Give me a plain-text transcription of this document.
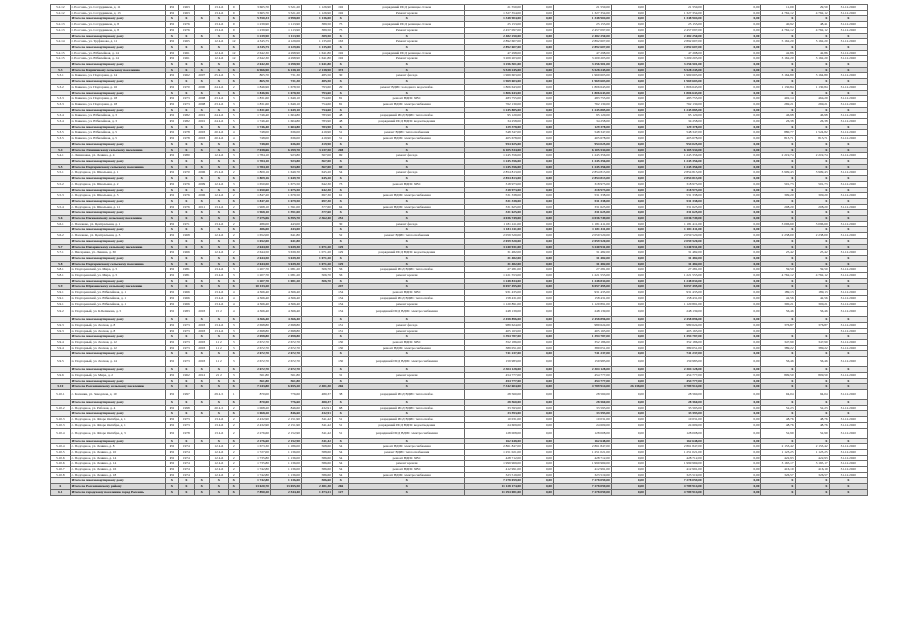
5.2.12	г. Россошь, ул. Сотрудников, д. 11	РО	1963		13 4-6	9	3 665,70	3 521,20	1 126,90	192	разрядиний ИСД резинцее стоков	21 550,00	0,00	21 550,00	0,00	21 550,00	0,00	11,09	29,50	31.12.2020
5.2.12	г. Россошь, ул. Сотрудников, д. 13	РО	1963		13 4-6	9	3 665,70	3 521,20	1 126,90	192	Ремонт кровли	1 327 354,00	0,00	1 327 354,00	0,00	1 327 354,00	0,00	4 762,12	4 762,12	31.12.2020
	Итого по многоквартирному дому	X	X	X	X	X	5 550,33	4 998,00	1 136,00	X	X	1 348 904,00	0,00	1 348 904,00	0,00	1 348 904,00	0,00	X	X	X
5.2.13	г. Россошь, ул. Сотрудников, д. 8	РО	1976		13 4-6	9	1 239,90	1 113,90	389,50	75	разрядиний ИСД резинцее стоков	25 153,00	0,00	25 153,00	0,00	25 153,00	0,00	40,92	48,41	31.12.2020
5.2.13	г. Россошь, ул. Сотрудников, д. 8	РО	1976		13 4-6	9	1 239,90	1 113,90	389,50	75	Ремонт кровли	2 457 097,00	0,00	2 457 097,00	0,00	2 457 097,00	0,00	4 762,12	4 762,12	31.12.2020
	Итого по многоквартирному дому	X	X	X	X	X	1 239,90	1 113,90	389,50	X	X	2 482 250,00	0,00	2 482 250,00	0,00	2 482 250,00	0,00	X	X	X
5.2.14	г. Россошь, ул. Труфанова, д. 11	РО	1965		12 4-6	12	4 345,75	4 129,06	1 135,00	163	Ремонт кровли	2 892 607,00	0,00	2 892 607,00	0,00	2 892 607,00	0,00	5 162,20	5 162,20	31.12.2020
	Итого по многоквартирному дому	X	X	X	X	X	4 345,75	4 129,06	1 135,00	X	X	2 892 607,00	0,00	2 892 607,00	0,00	2 892 607,00	0,00	X	X	X
5.2.15	г. Россошь, ул. Юбилейная, д. 14	РО	1961		12 4-6	12	2 642,30	4 298,90	1 641,80	192	разрядиний ИСД резинцее стоков	47 298,00	0,00	47 298,00	0,00	47 298,00	0,00	42,86	42,86	31.12.2020
5.2.15	г. Россошь, ул. Юбилейная, д. 14	РО	1961		12 4-6	12	2 642,30	4 298,90	1 641,80	192	Ремонт кровли	3 209 203,00	0,00	3 209 203,00	0,00	3 209 203,00	0,00	3 162,20	3 162,20	31.12.2020
	Итого по многоквартирному дому	X	X	X	X	X	2 642,30	4 298,90	1 641,80	X	X	3 256 501,00	0,00	3 256 501,00	0,00	3 256 501,00	0,00	X	X	X
5.3	Итого по Кирпичному сельскому поселению	X	X	X	X	X	6 966,90	6 138,10	2 138,90	373	X	5 528 245,00	0,00	5 528 245,00	0,00	5 528 245,00	0,00	X	X	X
5.3.1	п. Бавково, ул. Подгорная, д. 14	РО	1962	2007	25 4-6	5	865,70	731,30	485,50	30	ремонт фасада	1 969 603,00	0,00	1 969 603,00	0,00	1 969 603,00	0,00	3 164,89	3 164,89	31.12.2020
	Итого по многоквартирному дому	X	X	X	X	X	865,70	731,30	485,50	X	X	1 969 603,00	0,00	1 969 603,00	0,00	1 969 603,00	0,00	X	X	X
5.3.2	п. Бавково, ул. Подгорная, д. 16	РО	1970	2000	24 4-6	2	1 846,96	1 678,50	793,60	29	ремонт ВДИС холодного водоснабж.	1 806 643,00	0,00	1 806 643,00	0,00	1 806 643,00	0,00	1 130,84	1 130,84	31.12.2020
	Итого по многоквартирному дому	X	X	X	X	X	1 846,96	1 678,50	793,60	X	X	1 806 643,00	0,00	1 806 643,00	0,00	1 806 643,00	0,00	X	X	X
5.3.3	п. Бавково, ул. Подгорная, д. 18	РО	1973	2008	23 4-6	3	1 831,60	1 649,10	754,60	81	ремонт ВДИС ХВС	483 755,00	0,00	483 755,00	0,00	483 755,00	0,00	402,14	464,29	31.12.2020
5.3.3	п. Бавково, ул. Подгорная, д. 18	РО	1973	2008	23 4-6	3	1 831,60	1 649,10	754,60	81	ремонт ВДИС электроснабжения	762 130,00	0,00	762 130,00	0,00	762 130,00	0,00	269,21	269,21	31.12.2020
	Итого по многоквартирному дому	X	X	X	X	X	1 831,60	1 649,10	754,60	X	X	1 245 885,00	0,00	1 245 885,00	0,00	1 245 885,00	0,00	X	X	X
5.3.4	п. Бавково, ул. Юбилейная, д. 3	РО	1982	2001	24 4-6	5	1 746,40	1 604,80	783,90	48	разрядиний ИСД ВДИС теплоснабж.	95 120,00	0,00	95 120,00	0,00	95 120,00	0,00	46,98	46,98	31.12.2020
5.3.4	п. Бавково, ул. Юбилейная, д. 3	РО	1982	2001	24 4-6	5	1 746,40	1 604,80	783,90	48	разрядиний ИСД ВДИС водоотведения	34 258,00	0,00	34 258,00	0,00	34 258,00	0,00	26,38	26,38	31.12.2020
	Итого по многоквартирному дому	X	X	X	X	X	1 746,40	1 604,80	783,90	X	X	129 378,00	0,00	129 378,00	0,00	129 378,00	0,00	X	X	X
5.3.5	п. Бавково, ул. Юбилейная, д. 5	РО	1978	2003	20 4-6	4	748,00	636,00	419,90	51	ремонт ВДИС теплоснабжения	548 347,00	0,00	548 347,00	0,00	548 347,00	0,00	880,77	1 524,82	31.12.2020
5.3.5	п. Бавково, ул. Юбилейная, д. 5	РО	1978	2003	20 4-6	4	748,00	636,00	419,90	51	ремонт ВДИС электроснабжения	405 678,00	0,00	405 678,00	0,00	405 678,00	0,00	813,71	813,71	31.12.2020
	Итого по многоквартирному дому	X	X	X	X	X	748,00	636,00	419,90	X	X	954 025,00	0,00	954 025,00	0,00	954 025,00	0,00	X	X	X
5.4	Итого по Лизиновскому сельскому поселению	X	X	X	X	X	7 038,66	6 299,70	3 237,50	208	X	6 105 534,00	0,00	6 105 534,00	0,00	6 105 534,00	0,00	X	X	X
5.4.1	с. Лизиновка, ул. Ленина, д. 4	РО	1980		12 4-6	3	1 784,10	923,80	567,00	69	ремонт фасада	1 245 356,00	0,00	1 245 356,00	0,00	1 245 356,00	0,00	2 219,74	2 219,74	31.12.2020
	Итого по многоквартирному дому	X	X	X	X	X	1 784,10	923,80	567,00	X	X	1 245 356,00	0,00	1 245 356,00	0,00	1 245 356,00	0,00	X	X	X
5.5	Итого по Подгоренскому сельскому поселению	X	X	X	X	X	1 784,10	923,80	567,00	69	X	1 245 356,00	0,00	1 245 356,00	0,00	1 245 356,00	0,00	X	X	X
5.5.1	с. Подгорное, ул. Школьная, д. 1	РО	1970	2006	25 4-6	2	1 809,16	1 649,70	645,20	54	ремонт фасада	2 854 813,00	0,00	2 854 813,00	0,00	2 854 813,00	0,00	3 909,43	3 909,43	31.12.2020
	Итого по многоквартирному дому	X	X	X	X	X	1 809,16	1 649,70	645,20	X	X	2 854 813,00	0,00	2 854 813,00	0,00	2 854 813,00	0,00	X	X	X
5.5.2	с. Подгорное, ул. Школьная, д. 2	РО	1976	2009	12 4-6	3	1 650,60	1 675,50	642,30	73	ремонт ВДИС ХВС	318 973,00	0,00	318 973,00	0,00	318 973,00	0,00	501,73	501,73	31.12.2020
	Итого по многоквартирному дому	X	X	X	X	X	1 650,60	1 675,50	642,30	X	X	318 973,00	0,00	318 973,00	0,00	318 973,00	0,00	X	X	X
5.5.3	с. Подгорное, ул. Школьная, д. 3	РО	1976	2006	12 4-6	2	1 847,20	1 679,50	697,30	61	ремонт ВДИС электроснабжения	531 338,00	0,00	531 338,00	0,00	531 338,00	0,00	309,20	309,20	31.12.2020
	Итого по многоквартирному дому	X	X	X	X	X	1 847,20	1 679,50	697,30	X	X	531 338,00	0,00	531 338,00	0,00	531 338,00	0,00	X	X	X
5.5.4	с. Подгорное, ул. Школьная, д. 11	РО	1976	2011	13 4-6	2	1 968,10	1 591,00	377,60	64	ремонт ВДИС электроснабжения	331 625,00	0,00	331 625,00	0,00	331 625,00	0,00	208,20	208,20	31.12.2020
	Итого по многоквартирному дому	X	X	X	X	X	1 968,10	1 591,00	377,60	X	X	331 625,00	0,00	331 625,00	0,00	331 625,00	0,00	X	X	X
5.6	Итого по Пасековскому сельскому поселению	X	X	X	X	X	7 275,06	6 595,70	2 362,40	252	X	4 036 749,00	0,00	4 036 749,00	0,00	4 036 749,00	0,00	X	X	X
5.6.1	с. Пасеково, ул. Центральная, д. 1	РО	1971		13 4-6	2	486,00	443,00		30	ремонт фасада	1 181 411,00	0,00	1 181 411,00	0,00	1 181 411,00	0,00	3 096,69	3 096,69	31.12.2020
	Итого по многоквартирному дому	X	X	X	X	X	486,00	443,00		X	X	1 181 411,00	0,00	1 181 411,00	0,00	1 181 411,00	0,00	X	X	X
5.6.2	с. Пасеково, ул. Центральная, д. 3	РО	1968		12 4-6	2	1 652,00	641,80		52	ремонт ВДИС теплоснабжения	2 059 520,00	0,00	2 059 520,00	0,00	2 059 520,00	0,00	2 238,00	2 238,00	31.12.2020
	Итого по многоквартирному дому	X	X	X	X	X	1 652,00	641,80		X	X	2 059 520,00	0,00	2 059 520,00	0,00	2 059 520,00	0,00	X	X	X
5.7	Итого по Писаревскому сельскому поселению	X	X	X	X	X	2 644,50	3 639,30	1 071,20	129	X	3 240 931,00	0,00	3 240 931,00	0,00	3 240 931,00	0,00	X	X	X
5.7.1	с. Писаревка, ул. Ленина, д. 30	РО	1966		12 4-6	2	2 644,50	3 639,30	1 071,20	129	разрядиний ИСД ВДИС водоотведения	31 482,00	0,00	31 482,00	0,00	31 482,00	0,00	25,42	25,42	31.12.2020
	Итого по многоквартирному дому	X	X	X	X	X	2 644,50	3 639,30	1 071,20	X	X	31 482,00	0,00	31 482,00	0,00	31 482,00	0,00	X	X	X
5.8	Итого по Подгоренскому сельскому поселению	X	X	X	X	X	2 644,50	3 639,30	1 071,20	129	X	31 482,00	0,00	31 482,00	0,00	31 482,00	0,00	X	X	X
5.8.1	п. Подгоренский, ул. Мира, д. 5	РО	1981		13 4-6	3	1 207,70	1 081,20	506,70	56	разрядиний ИСД ВДИС теплоснабж.	27 281,00	0,00	27 281,00	0,00	27 281,00	0,00	59,50	59,50	31.12.2020
5.8.1	п. Подгоренский, ул. Мира, д. 5	РО	1981		13 4-6	3	1 207,70	1 081,20	506,70	56	ремонт кровли	1 221 553,00	0,00	1 221 553,00	0,00	1 221 553,00	0,00	4 762,12	4 762,12	31.12.2020
	Итого по многоквартирному дому	X	X	X	X	X	1 207,70	1 081,20	506,70	X	X	1 248 834,00	0,00	1 248 834,00	0,00	1 248 834,00	0,00	X	X	X
5.9	Итого по Шрамовскому сельскому поселению	X	X	X	X	X	10 133,20			247	X	8 057 495,00	0,00	8 057 495,00	0,00	8 057 495,00	0,00	X	X	X
5.9.1	п. Подгоренский, ул. Юбилейная, д. 1	РО	1966		13 4-6	4	4 366,40	4 366,40		134	ремонт ВДИС ХВС	931 435,00	0,00	931 435,00	0,00	931 435,00	0,00	189,13	189,13	31.12.2020
5.9.1	п. Подгоренский, ул. Юбилейная, д. 1	РО	1966		13 4-6	4	4 366,40	4 366,40		134	разрядиний ИСД ВДИС теплоснабж.	158 431,00	0,00	158 431,00	0,00	158 431,00	0,00	42,56	42,56	31.12.2020
5.9.1	п. Подгоренский, ул. Юбилейная, д. 1	РО	1966		13 4-6	4	4 366,40	4 366,40		134	ремонт кровли	1 120 891,00	0,00	1 120 891,00	0,00	1 120 891,00	0,00	300,21	300,21	31.12.2020
5.9.2	п. Подгорный, ул. К.Беликова, д. 5	РО	1983	2003	15 2	4	4 366,40	4 366,40		134	разрядиний ИСД ВДИС электроснабжения	248 139,00	0,00	248 139,00	0,00	248 139,00	0,00	56,46	56,46	31.12.2020
	Итого по многоквартирному дому	X	X	X	X	X	4 366,40	4 366,40		X	X	2 458 896,00	0,00	2 458 896,00	0,00	2 458 896,00	0,00	X	X	X
5.9.3	п. Подгорный, ул. Лесная, д. 8	РО	1973	2003	13 4-6	3	2 698,80	2 698,80		131	ремонт фасада	989 624,00	0,00	989 624,00	0,00	989 624,00	0,00	376,87	376,87	31.12.2020
5.9.3	п. Подгорный, ул. Лесная, д. 8	РО	1973	2003	13 4-6	3	2 698,80	2 698,80		131	ремонт кровли	405 163,00	0,00	405 163,00	0,00	405 163,00	0,00			31.12.2020
	Итого по многоквартирному дому	X	X	X	X	X	2 698,80	2 698,80		X	X	1 394 787,00	0,00	1 394 787,00	0,00	1 394 787,00	0,00	X	X	X
5.9.4	п. Подгорный, ул. Лесная, д. 12	РО	1973	2003	11 2	3	2 672,70	2 672,70		130	ремонт ВДИС ХВС	352 186,00	0,00	352 186,00	0,00	352 186,00	0,00	347,99	347,99	31.12.2020
5.9.4	п. Подгорный, ул. Лесная, д. 12	РО	1973	2003	11 2	3	2 672,70	2 672,70		130	ремонт ВДИС электроснабжения	389 051,00	0,00	389 051,00	0,00	389 051,00	0,00	389,22	389,22	31.12.2020
	Итого по многоквартирному дому	X	X	X	X	X	2 672,70	2 672,70		X	X	741 237,00	0,00	741 237,00	0,00	741 237,00	0,00	X	X	X
5.9.5	п. Подгорный, ул. Лесная, д. 14	РО	1973	2003	11 2	3	2 672,70	2 672,70		130	разрядиний ИСД ВДИС электроснабжения	159 983,00	0,00	159 983,00	0,00	159 983,00	0,00	56,46	56,46	31.12.2020
	Итого по многоквартирному дому	X	X	X	X	X	2 672,70	2 672,70		X	X	2 304 128,00	0,00	2 304 128,00	0,00	2 304 128,00	0,00	X	X	X
5.9.6	п. Подгорный, ул. Мира, д. 2	РО	1962	2012	21 2	3	561,80	561,80		31	ремонт кровли	454 777,00	0,00	454 777,00	0,00	454 777,00	0,00	809,50	809,50	31.12.2020
	Итого по многоквартирному дому	X	X	X	X	X	561,80	561,80		X	X	454 777,00	0,00	454 777,00	0,00	454 777,00	0,00	X	X	X
5.10	Итого по Россошанскому сельскому поселению	X	X	X	X	X	7 243,80	6 655,20	2 481,30	266	X	7 342 604,00	0,00	4 789 914,00	26 138,00	4 789 914,00	0,00	X	X	X
5.10.1	с. Копанки, ул. Заводская, д. 10	РО	1997		29 4-5	1	870,00	776,60	480,37	38	разрядиний ИСД ВДИС теплоснабж.	28 560,00	0,00	28 560,00	0,00	28 560,00	0,00	94,04	94,04	31.12.2020
	Итого по многоквартирному дому	X	X	X	X	X	870,00	776,60	480,37	X	X	28 560,00	0,00	28 560,00	0,00	28 560,00	0,00	X	X	X
5.10.2	с. Подгорное, ул. Рабочая, д. 4	РО	1998		20 4-5	2	1 068,20	846,60	432,91	68	разрядиний ИСД ВДИС теплоснабж.	33 593,00	0,00	33 593,00	0,00	33 593,00	0,00	52,23	52,23	31.12.2020
	Итого по многоквартирному дому	X	X	X	X	X	1 068,20	846,60	432,91	X	X	33 593,00	0,00	33 593,00	0,00	33 593,00	0,00	X	X	X
5.10.3	с. Подгорное, ул. Флоре Октября, д. 1	РО	1973		13 4-6	2	2 432,90	2 151,90	341,42	51	разрядиний ИСД ВДИС теплоснабж.	10 031,00	0,00	10 031,00	0,00	10 031,00	0,00	48,76	48,76	31.12.2020
5.10.3	с. Подгорное, ул. Флоре Октября, д. 1	РО	1973		13 4-6	2	2 432,90	2 151,90	341,42	51	разрядиний ИСД ВДИС водоотведения	24 609,00	0,00	24 609,00	0,00	24 609,00	0,00	48,76	48,76	31.12.2020
5.10.4	с. Подгорное, ул. Флоре Октября, д. 3	РО	1978		13 4-6	2	2 276,60	2 152,90	341,42	51	разрядиний ИСД ВДИС электроснабжения	128 008,00	0,00	128 008,00	0,00	128 008,00	0,00	52,99	52,99	31.12.2020
	Итого по многоквартирному дому	X	X	X	X	X	2 276,60	2 152,90	341,42	X	X	162 648,00	0,00	162 648,00	0,00	162 648,00	0,00	X	X	X
5.10.4	с. Подгорное, ул. Ленина, д. 8	РО	1974		12 4-6	2	1 673,30	1 186,00	568,60	54	ремонт ВДИС электроснабжения	2 861 847,00	0,00	2 861 847,00	0,00	2 861 847,00	0,00	2 153,42	2 153,42	31.12.2020
5.10.5	с. Подгорное, ул. Ленина, д. 10	РО	1974		12 4-6	2	1 727,00	1 136,00	588,60	54	ремонт ВДИС теплоснабжения	1 251 021,00	0,00	1 251 021,00	0,00	1 251 021,00	0,00	1 123,25	1 123,25	31.12.2020
5.10.6	с. Подгорное, ул. Ленина, д. 14	РО	1974		12 4-6	2	1 735,80	1 136,00	586,60	54	ремонт ВДИС ХВС	428 712,00	0,00	428 712,00	0,00	428 712,00	0,00	422,93	422,93	31.12.2020
5.10.6	с. Подгорное, ул. Ленина, д. 14	РО	1974		12 4-6	2	1 735,80	1 136,00	586,60	54	ремонт кровли	1 999 969,00	0,00	1 999 969,00	0,00	1 999 969,00	0,00	3 165,17	3 165,17	31.12.2020
5.10.7	с. Подгорное, ул. Ленина, д. 16	РО	1974		12 4-6	2	1 742,80	1 136,00	586,60	54	ремонт ВДИС ХВС	412 991,00	0,00	412 991,00	0,00	412 991,00	0,00	416,19	416,19	31.12.2020
5.10.8	с. Подгорное, ул. Ленина, д. 18	РО	1974		12 4-6	2	1 742,80	1 136,00	586,60	54	ремонт ВДИС электроснабжения	323 519,00	0,00	323 519,00	0,00	323 519,00	0,00	326,57	326,57	31.12.2020
	Итого по многоквартирному дому	X	X	X	X	X	1 742,80	1 136,00	586,60	X	X	7 278 059,00	0,00	7 278 059,00	0,00	7 278 059,00	0,00	X	X	X
6	Итого по Россошанскому району	X	X	X	X	X	13 620,70	13 655,50	2 481,30	266	X	11 128 174,00	0,00	7 278 059,00	0,00	4 789 914,00	0,00	X	X	X
6.1	Итого по городскому поселению город Россошь	X	X	X	X	X	7 890,20	2 544,40	1 473,21	127	X	11 294 081,00	0,00	7 278 059,00	0,00	4 789 914,00	0,00	X	X	X
